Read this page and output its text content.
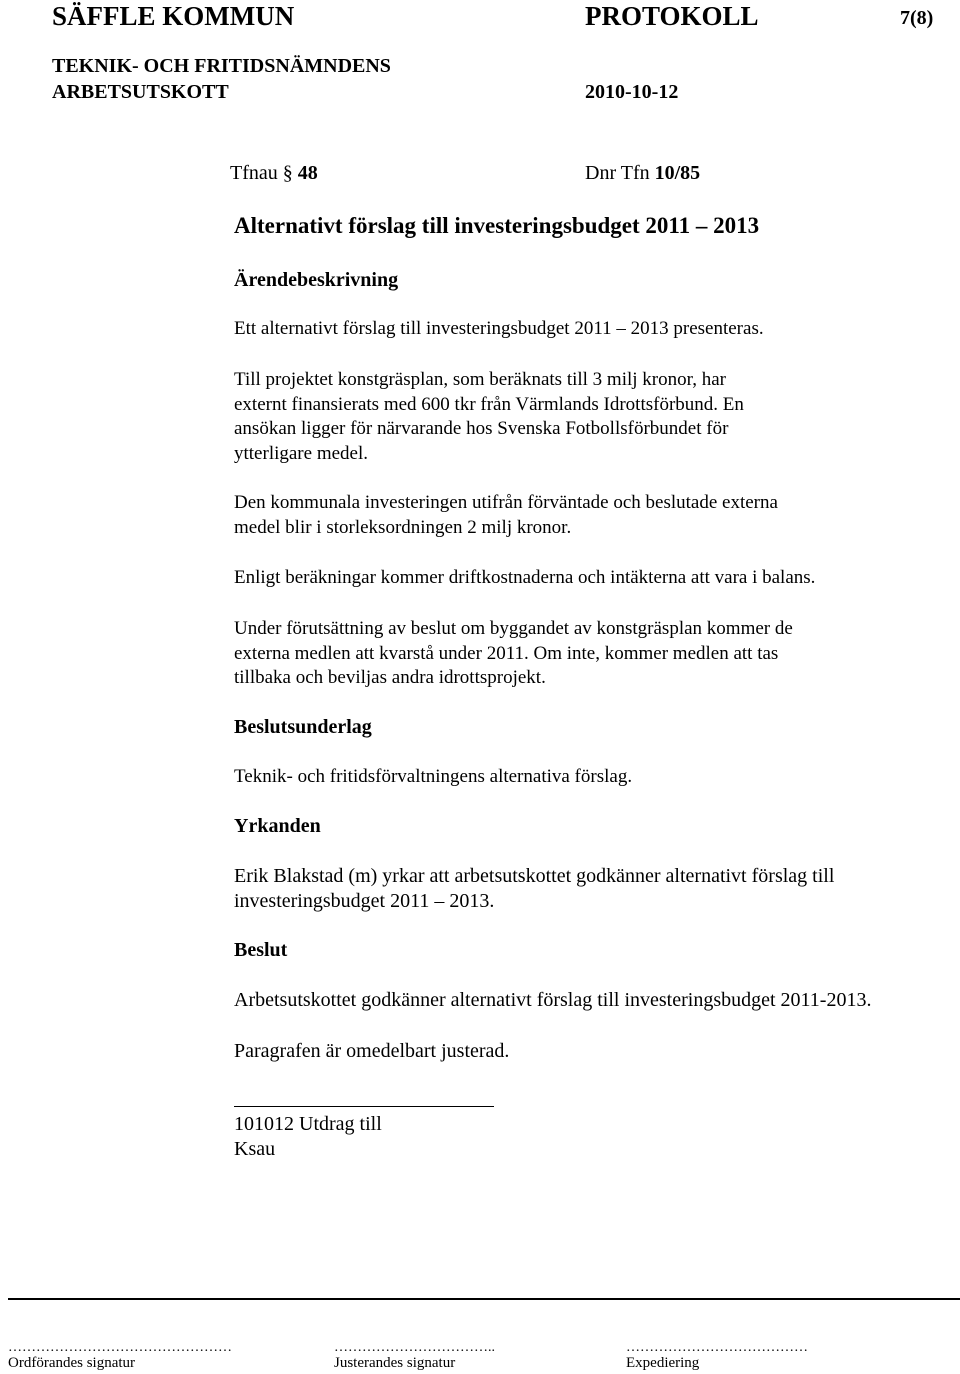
SÄFFLE KOMMUN	PROTOKOLL	7(8)
TEKNIK- OCH FRITIDSNÄMNDENS
ARBETSUTSKOTT	2010-10-12
Tfnau § 48	Dnr Tfn 10/85
Alternativt förslag till investeringsbudget 2011 – 2013
Ärendebeskrivning
Ett alternativt förslag till investeringsbudget 2011 – 2013 presenteras.
Till projektet konstgräsplan, som beräknats till 3 milj kronor, har
externt finansierats med 600 tkr från Värmlands Idrottsförbund. En
ansökan ligger för närvarande hos Svenska Fotbollsförbundet för
ytterligare medel.
Den kommunala investeringen utifrån förväntade och beslutade externa
medel blir i storleksordningen 2 milj kronor.
Enligt beräkningar kommer driftkostnaderna och intäkterna att vara i balans.
Under förutsättning av beslut om byggandet av konstgräsplan kommer de
externa medlen att kvarstå under 2011. Om inte, kommer medlen att tas
tillbaka och beviljas andra idrottsprojekt.
Beslutsunderlag
Teknik- och fritidsförvaltningens alternativa förslag.
Yrkanden
Erik Blakstad (m) yrkar att arbetsutskottet godkänner alternativt förslag till
investeringsbudget 2011 – 2013.
Beslut
Arbetsutskottet godkänner alternativt förslag till investeringsbudget 2011-2013.
Paragrafen är omedelbart justerad.
101012 Utdrag till
Ksau
…………………………………………
Ordförandes signatur
……………………………..
Justerandes signatur
…………………………………
Expediering
